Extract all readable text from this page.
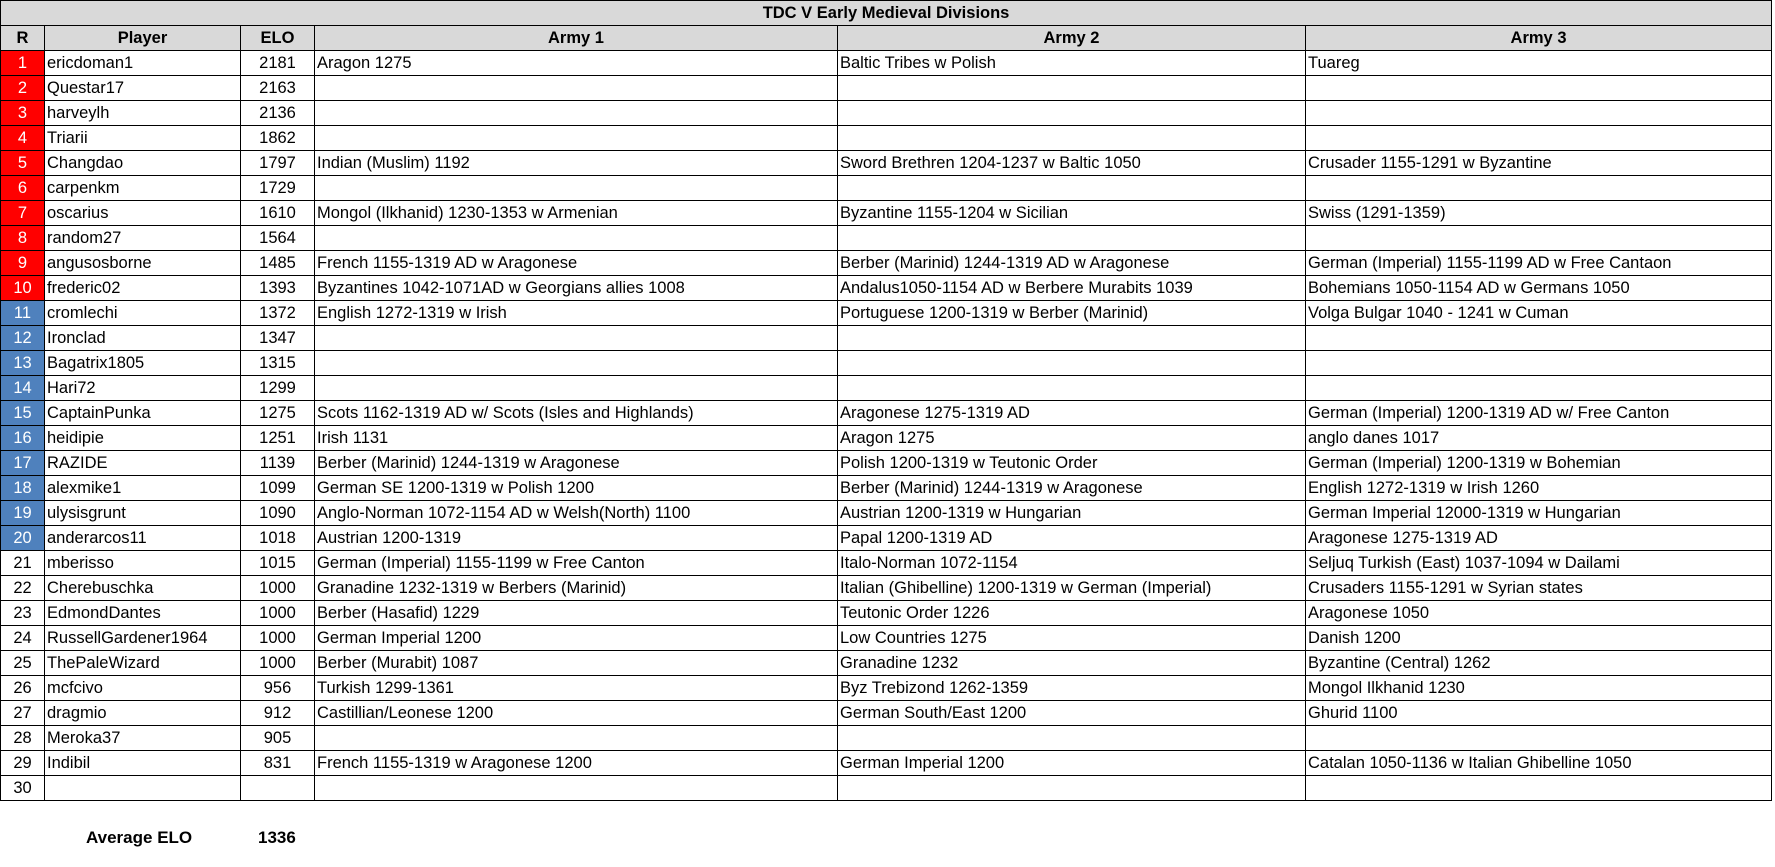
TDC V Early Medieval Divisions					
R	Player	ELO	Army 1	Army 2	Army 3
1	ericdoman1	2181	Aragon 1275	Baltic Tribes w Polish	Tuareg
2	Questar17	2163			
3	harveylh	2136			
4	Triarii	1862			
5	Changdao	1797	Indian (Muslim) 1192	Sword Brethren 1204-1237 w Baltic 1050	Crusader 1155-1291 w Byzantine
6	carpenkm	1729			
7	oscarius	1610	Mongol (Ilkhanid) 1230-1353 w Armenian	Byzantine 1155-1204 w Sicilian	Swiss (1291-1359)
8	random27	1564			
9	angusosborne	1485	French 1155-1319 AD w Aragonese	Berber (Marinid) 1244-1319 AD w Aragonese	German (Imperial) 1155-1199 AD w Free Cantaon
10	frederic02	1393	Byzantines 1042-1071AD w Georgians allies 1008	Andalus1050-1154 AD w Berbere Murabits 1039	Bohemians 1050-1154 AD w Germans 1050
11	cromlechi	1372	English 1272-1319 w Irish	Portuguese 1200-1319 w Berber (Marinid)	Volga Bulgar 1040 - 1241 w Cuman
12	Ironclad	1347			
13	Bagatrix1805	1315			
14	Hari72	1299			
15	CaptainPunka	1275	Scots 1162-1319 AD w/ Scots (Isles and Highlands)	Aragonese 1275-1319 AD	German (Imperial) 1200-1319 AD w/ Free Canton
16	heidipie	1251	Irish 1131	Aragon 1275	anglo danes 1017
17	RAZIDE	1139	Berber (Marinid) 1244-1319 w Aragonese	Polish 1200-1319 w Teutonic Order	German (Imperial) 1200-1319 w Bohemian
18	alexmike1	1099	German SE 1200-1319 w Polish 1200	Berber (Marinid) 1244-1319 w Aragonese	English 1272-1319 w Irish 1260
19	ulysisgrunt	1090	Anglo-Norman 1072-1154 AD w Welsh(North) 1100	Austrian 1200-1319 w Hungarian	German Imperial 12000-1319 w Hungarian
20	anderarcos11	1018	Austrian 1200-1319	Papal 1200-1319 AD	Aragonese 1275-1319 AD
21	mberisso	1015	German (Imperial) 1155-1199 w Free Canton	Italo-Norman 1072-1154	Seljuq Turkish (East) 1037-1094 w Dailami
22	Cherebuschka	1000	Granadine 1232-1319 w Berbers (Marinid)	Italian (Ghibelline) 1200-1319 w German (Imperial)	Crusaders 1155-1291 w Syrian states
23	EdmondDantes	1000	Berber (Hasafid) 1229	Teutonic Order 1226	Aragonese 1050
24	RussellGardener1964	1000	German Imperial 1200	Low Countries 1275	Danish 1200
25	ThePaleWizard	1000	Berber (Murabit) 1087	Granadine 1232	Byzantine (Central) 1262
26	mcfcivo	956	Turkish 1299-1361	Byz Trebizond 1262-1359	Mongol Ilkhanid 1230
27	dragmio	912	Castillian/Leonese 1200	German South/East 1200	Ghurid 1100
28	Meroka37	905			
29	Indibil	831	French 1155-1319 w Aragonese 1200	German Imperial 1200	Catalan 1050-1136 w Italian Ghibelline 1050
30					
Average ELO	1336
